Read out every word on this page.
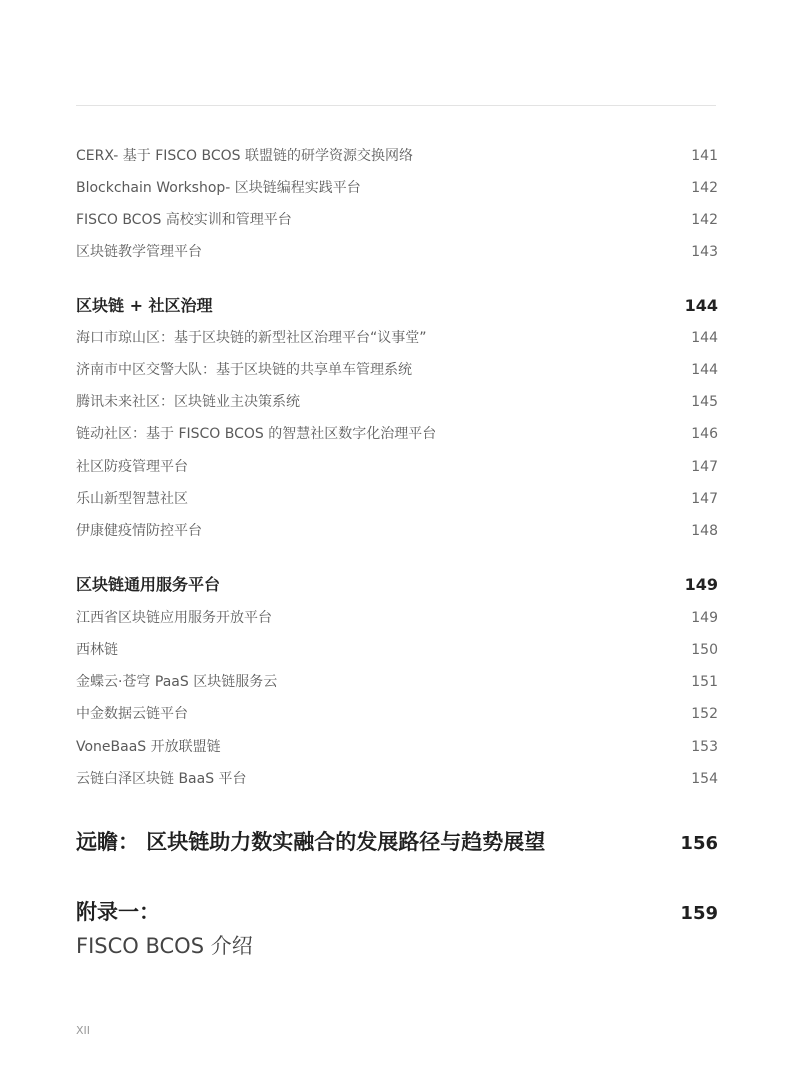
CERX- 基于 FISCO BCOS 联盟链的研学资源交换网络	141
Blockchain Workshop- 区块链编程实践平台	142
FISCO BCOS 高校实训和管理平台	142
区块链教学管理平台	143
区块链 + 社区治理	144
海口市琼山区：基于区块链的新型社区治理平台“议事堂”	144
济南市中区交警大队：基于区块链的共享单车管理系统	144
腾讯未来社区：区块链业主决策系统	145
链动社区：基于 FISCO BCOS 的智慧社区数字化治理平台	146
社区防疫管理平台	147
乐山新型智慧社区	147
伊康健疫情防控平台	148
区块链通用服务平台	149
江西省区块链应用服务开放平台	149
西林链	150
金蝶云·苍穹 PaaS 区块链服务云	151
中金数据云链平台	152
VoneBaaS 开放联盟链	153
云链白泽区块链 BaaS 平台	154
远瞻： 区块链助力数实融合的发展路径与趋势展望	156
附录一：	159
FISCO BCOS 介绍
XII
